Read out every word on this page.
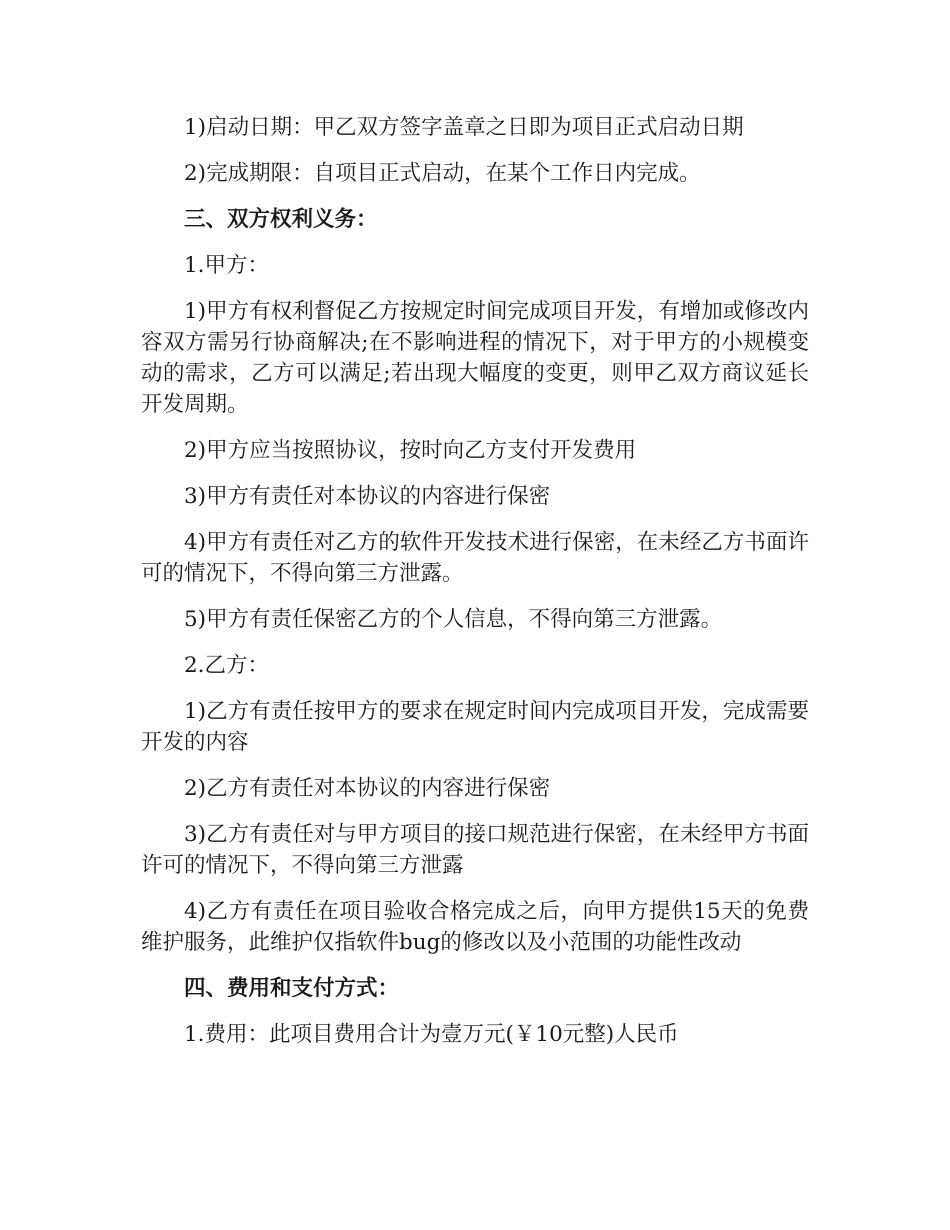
1)启动日期：甲乙双方签字盖章之日即为项目正式启动日期

2)完成期限：自项目正式启动，在某个工作日内完成。

三、双方权利义务：

1.甲方：

1)甲方有权利督促乙方按规定时间完成项目开发，有增加或修改内容双方需另行协商解决;在不影响进程的情况下，对于甲方的小规模变动的需求，乙方可以满足;若出现大幅度的变更，则甲乙双方商议延长开发周期。

2)甲方应当按照协议，按时向乙方支付开发费用

3)甲方有责任对本协议的内容进行保密

4)甲方有责任对乙方的软件开发技术进行保密，在未经乙方书面许可的情况下，不得向第三方泄露。

5)甲方有责任保密乙方的个人信息，不得向第三方泄露。

2.乙方：

1)乙方有责任按甲方的要求在规定时间内完成项目开发，完成需要开发的内容

2)乙方有责任对本协议的内容进行保密

3)乙方有责任对与甲方项目的接口规范进行保密，在未经甲方书面许可的情况下，不得向第三方泄露

4)乙方有责任在项目验收合格完成之后，向甲方提供15天的免费维护服务，此维护仅指软件bug的修改以及小范围的功能性改动

四、费用和支付方式：

1.费用：此项目费用合计为壹万元(￥10元整)人民币
